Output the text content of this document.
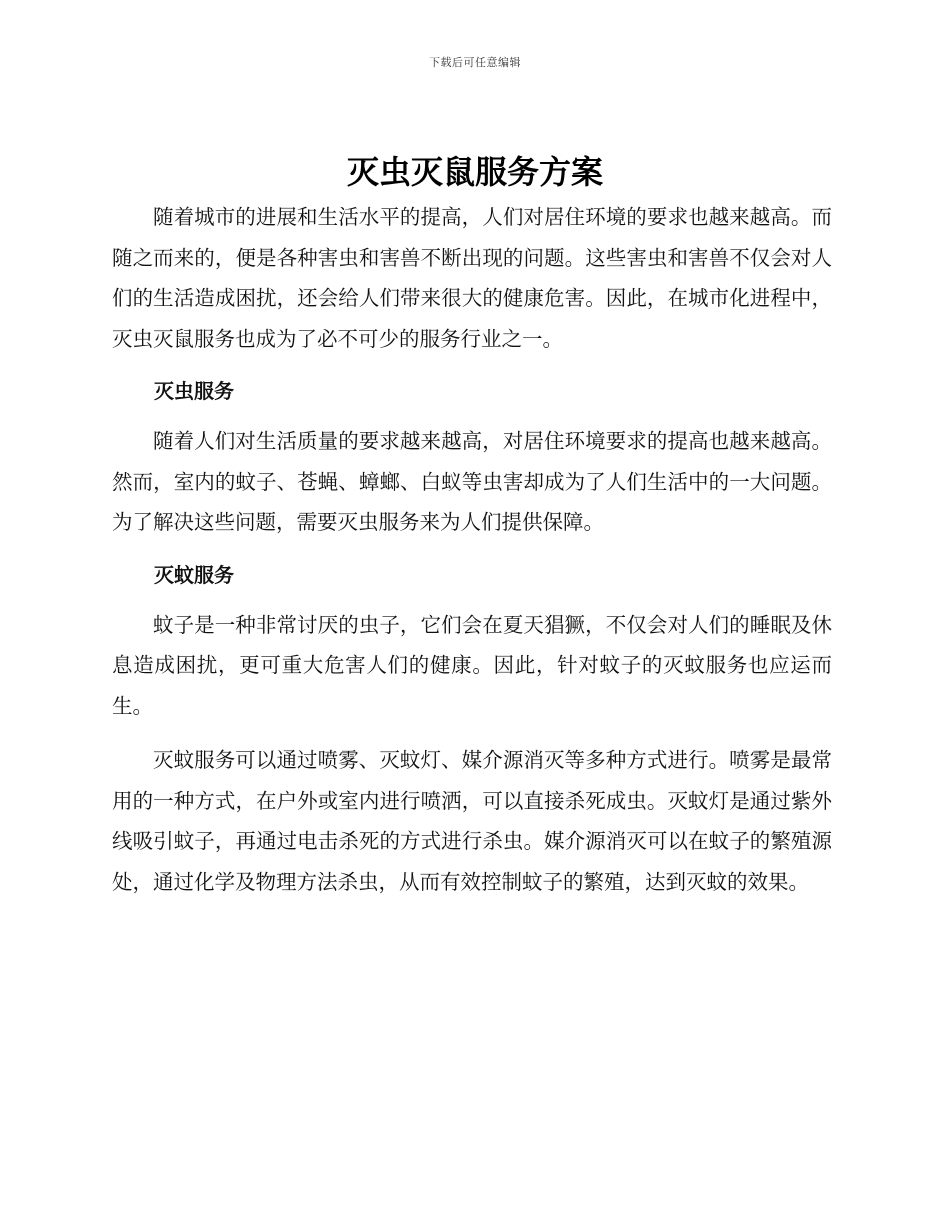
下载后可任意编辑
灭虫灭鼠服务方案

随着城市的进展和生活水平的提高，人们对居住环境的要求也越来越高。而随之而来的，便是各种害虫和害兽不断出现的问题。这些害虫和害兽不仅会对人们的生活造成困扰，还会给人们带来很大的健康危害。因此，在城市化进程中，灭虫灭鼠服务也成为了必不可少的服务行业之一。

灭虫服务

随着人们对生活质量的要求越来越高，对居住环境要求的提高也越来越高。然而，室内的蚊子、苍蝇、蟑螂、白蚁等虫害却成为了人们生活中的一大问题。为了解决这些问题，需要灭虫服务来为人们提供保障。

灭蚊服务

蚊子是一种非常讨厌的虫子，它们会在夏天猖獗，不仅会对人们的睡眠及休息造成困扰，更可重大危害人们的健康。因此，针对蚊子的灭蚊服务也应运而生。

灭蚊服务可以通过喷雾、灭蚊灯、媒介源消灭等多种方式进行。喷雾是最常用的一种方式，在户外或室内进行喷洒，可以直接杀死成虫。灭蚊灯是通过紫外线吸引蚊子，再通过电击杀死的方式进行杀虫。媒介源消灭可以在蚊子的繁殖源处，通过化学及物理方法杀虫，从而有效控制蚊子的繁殖，达到灭蚊的效果。
